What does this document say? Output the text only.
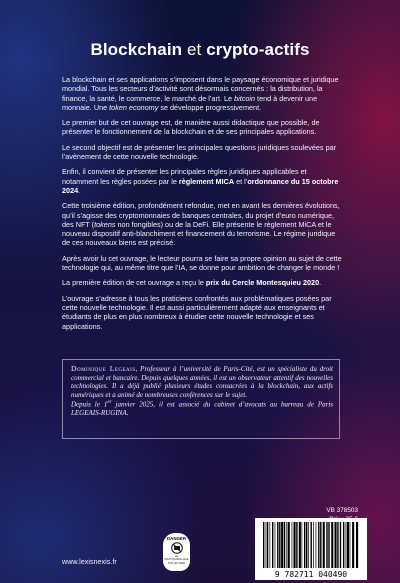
Blockchain et crypto-actifs

La blockchain et ses applications s’imposent dans le paysage économique et juridique mondial. Tous les secteurs d’activité sont désormais concernés : la distribution, la finance, la santé, le commerce, le marché de l’art. Le bitcoin tend à devenir une monnaie. Une token economy se développe progressivement.

Le premier but de cet ouvrage est, de manière aussi didactique que possible, de présenter le fonctionnement de la blockchain et de ses principales applications.

Le second objectif est de présenter les principales questions juridiques soulevées par l’avènement de cette nouvelle technologie.

Enfin, il convient de présenter les principales règles juridiques applicables et notamment les règles posées par le règlement MICA et l’ordonnance du 15 octobre 2024.

Cette troisième édition, profondément refondue, met en avant les dernières évolutions, qu’il s’agisse des cryptomonnaies de banques centrales, du projet d’euro numérique, des NFT (tokens non fongibles) ou de la DeFi. Elle présente le règlement MiCA et le nouveau dispositif anti-blanchiment et financement du terrorisme. Le régime juridique de ces nouveaux biens est précisé.

Après avoir lu cet ouvrage, le lecteur pourra se faire sa propre opinion au sujet de cette technologie qui, au même titre que l’IA, se donne pour ambition de changer le monde !

La première édition de cet ouvrage a reçu le prix du Cercle Montesquieu 2020.

L’ouvrage s’adresse à tous les praticiens confrontés aux problématiques posées par cette nouvelle technologie. Il est aussi particulièrement adapté aux enseignants et étudiants de plus en plus nombreux à étudier cette nouvelle technologie et ses applications.

Dominique Legeais, Professeur à l’université de Paris-Cité, est un spécialiste du droit commercial et bancaire. Depuis quelques années, il est un observateur attentif des nouvelles technologies. Il a déjà publié plusieurs études consacrées à la blockchain, aux actifs numériques et a animé de nombreuses conférences sur le sujet.

Depuis le 1er janvier 2025, il est associé du cabinet d’avocats au barreau de Paris LEGEAIS-RUGINA.

VB 378503
DANGER
LE PHOTOCOPILLAGE
TUE LE LIVRE
9 782711 040490
www.lexisnexis.fr
